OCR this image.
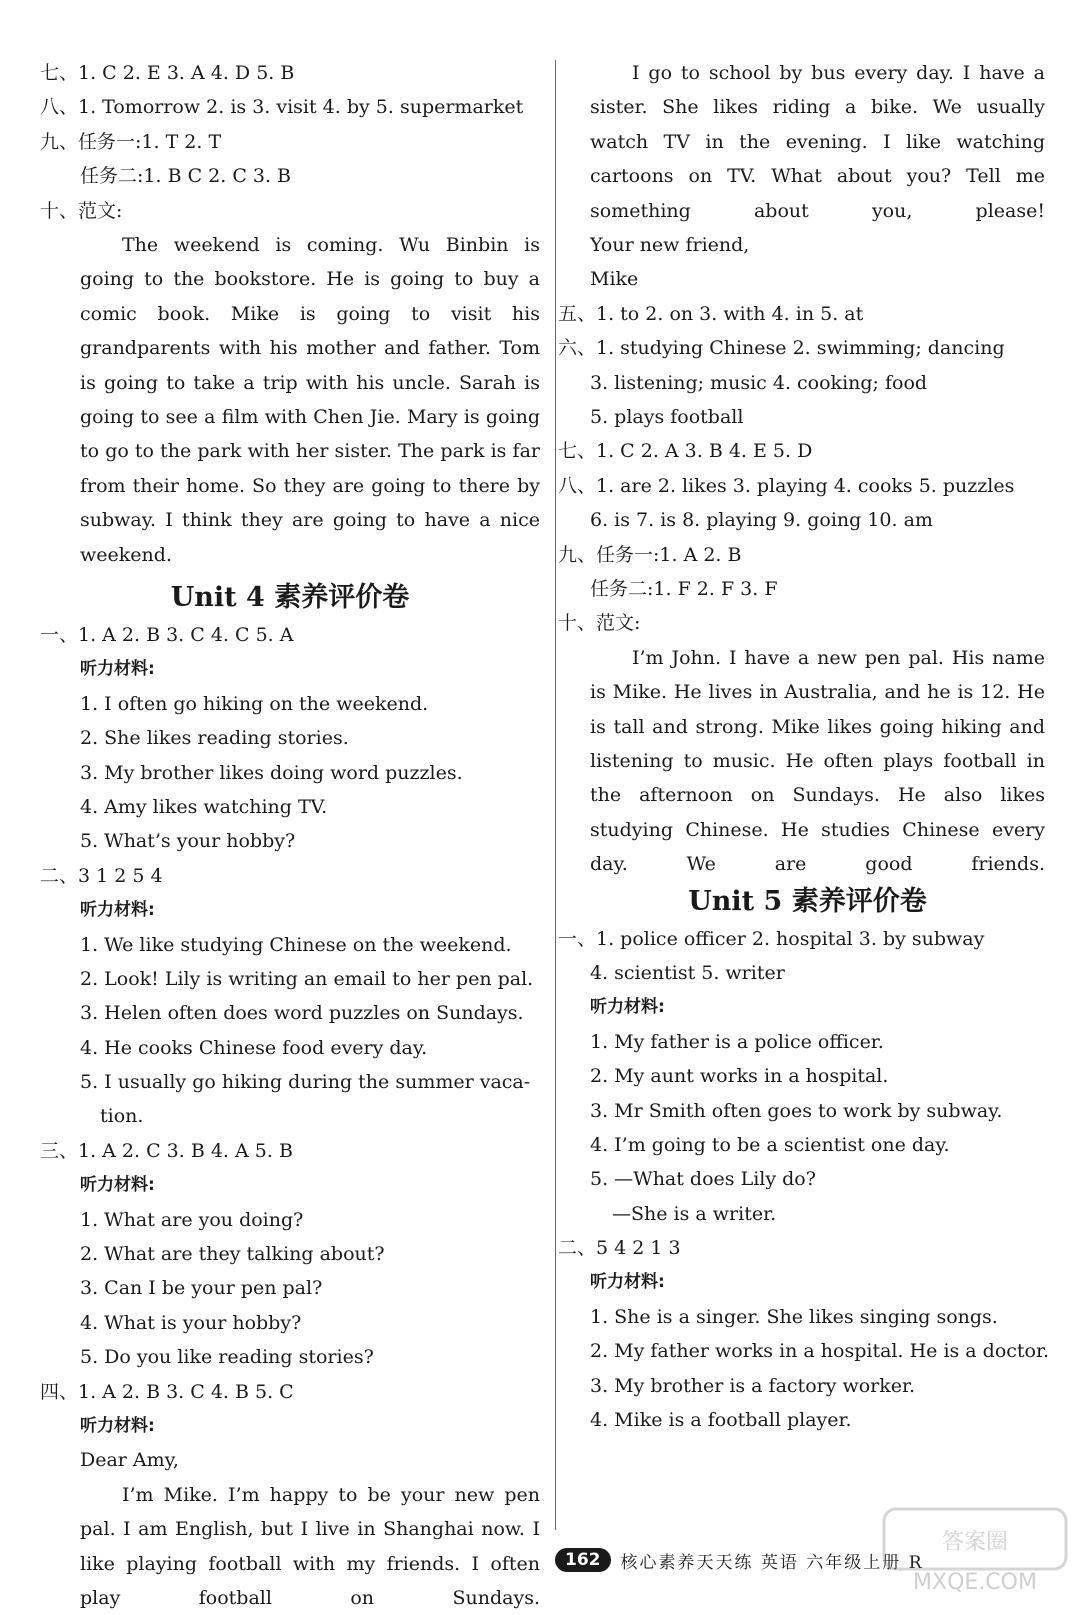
七、1. C 2. E 3. A 4. D 5. B
八、1. Tomorrow 2. is 3. visit 4. by 5. supermarket
九、任务一:1. T 2. T
任务二:1. B C 2. C 3. B
十、范文:
The weekend is coming. Wu Binbin is going to the bookstore. He is going to buy a comic book. Mike is going to visit his grandparents with his mother and father. Tom is going to take a trip with his uncle. Sarah is going to see a film with Chen Jie. Mary is going to go to the park with her sister. The park is far from their home. So they are going to there by subway. I think they are going to have a nice weekend.
Unit 4 素养评价卷
一、1. A 2. B 3. C 4. C 5. A
听力材料:
1. I often go hiking on the weekend.
2. She likes reading stories.
3. My brother likes doing word puzzles.
4. Amy likes watching TV.
5. What’s your hobby?
二、3 1 2 5 4
听力材料:
1. We like studying Chinese on the weekend.
2. Look! Lily is writing an email to her pen pal.
3. Helen often does word puzzles on Sundays.
4. He cooks Chinese food every day.
5. I usually go hiking during the summer vaca-
tion.
三、1. A 2. C 3. B 4. A 5. B
听力材料:
1. What are you doing?
2. What are they talking about?
3. Can I be your pen pal?
4. What is your hobby?
5. Do you like reading stories?
四、1. A 2. B 3. C 4. B 5. C
听力材料:
Dear Amy,
I’m Mike. I’m happy to be your new pen pal. I am English, but I live in Shanghai now. I like playing football with my friends. I often play football on Sundays.
I go to school by bus every day. I have a sister. She likes riding a bike. We usually watch TV in the evening. I like watching cartoons on TV. What about you? Tell me something about you, please!
Your new friend,
Mike
五、1. to 2. on 3. with 4. in 5. at
六、1. studying Chinese 2. swimming; dancing
3. listening; music 4. cooking; food
5. plays football
七、1. C 2. A 3. B 4. E 5. D
八、1. are 2. likes 3. playing 4. cooks 5. puzzles
6. is 7. is 8. playing 9. going 10. am
九、任务一:1. A 2. B
任务二:1. F 2. F 3. F
十、范文:
I’m John. I have a new pen pal. His name is Mike. He lives in Australia, and he is 12. He is tall and strong. Mike likes going hiking and listening to music. He often plays football in the afternoon on Sundays. He also likes studying Chinese. He studies Chinese every day. We are good friends.
Unit 5 素养评价卷
一、1. police officer 2. hospital 3. by subway
4. scientist 5. writer
听力材料:
1. My father is a police officer.
2. My aunt works in a hospital.
3. Mr Smith often goes to work by subway.
4. I’m going to be a scientist one day.
5. —What does Lily do?
—She is a writer.
二、5 4 2 1 3
听力材料:
1. She is a singer. She likes singing songs.
2. My father works in a hospital. He is a doctor.
3. My brother is a factory worker.
4. Mike is a football player.
162	核心素养天天练 英语 六年级上册 R
答案圈
MXQE.COM
